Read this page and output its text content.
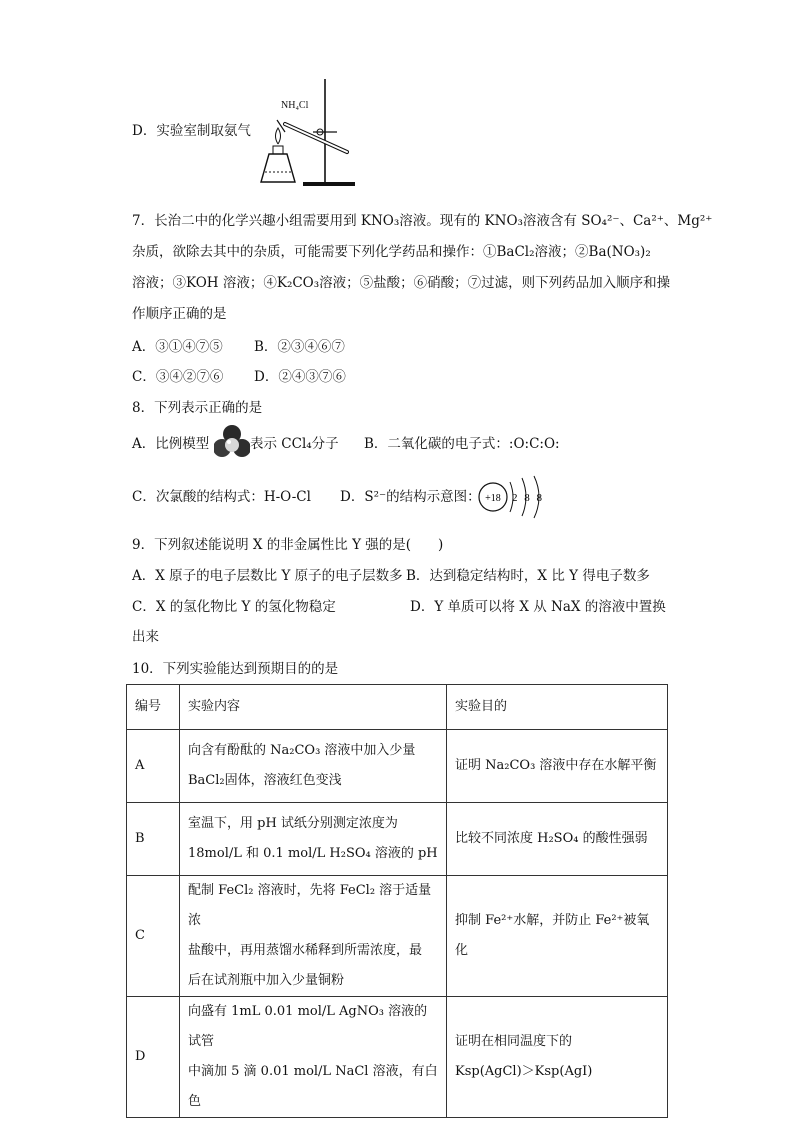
D．实验室制取氨气
NH₄Cl
7．长治二中的化学兴趣小组需要用到 KNO₃溶液。现有的 KNO₃溶液含有 SO₄²⁻、Ca²⁺、Mg²⁺
杂质，欲除去其中的杂质，可能需要下列化学药品和操作：①BaCl₂溶液；②Ba(NO₃)₂
溶液；③KOH 溶液；④K₂CO₃溶液；⑤盐酸；⑥硝酸；⑦过滤，则下列药品加入顺序和操
作顺序正确的是
A．③①④⑦⑤ B．②③④⑥⑦
C．③④②⑦⑥ D．②④③⑦⑥
8．下列表示正确的是
A．比例模型	表示 CCl₄分子 B．二氧化碳的电子式：:O:C:O:
C．次氯酸的结构式：H-O-Cl D．S²⁻的结构示意图： +18 2 8 8
9．下列叙述能说明 X 的非金属性比 Y 强的是(　　)
A．X 原子的电子层数比 Y 原子的电子层数多 B．达到稳定结构时，X 比 Y 得电子数多
C．X 的氢化物比 Y 的氢化物稳定	D．Y 单质可以将 X 从 NaX 的溶液中置换
出来
10．下列实验能达到预期目的的是
编号	实验内容	实验目的
A	向含有酚酞的 Na₂CO₃ 溶液中加入少量
BaCl₂固体，溶液红色变浅	证明 Na₂CO₃ 溶液中存在水解平衡

B	室温下，用 pH 试纸分别测定浓度为
18mol/L 和 0.1 mol/L H₂SO₄ 溶液的 pH	比较不同浓度 H₂SO₄ 的酸性强弱

C	配制 FeCl₂ 溶液时，先将 FeCl₂ 溶于适量浓
盐酸中，再用蒸馏水稀释到所需浓度，最
后在试剂瓶中加入少量铜粉	抑制 Fe²⁺水解，并防止 Fe²⁺被氧化

D	向盛有 1mL 0.01 mol/L AgNO₃ 溶液的试管
中滴加 5 滴 0.01 mol/L NaCl 溶液，有白色	证明在相同温度下的
Ksp(AgCl)＞Ksp(AgI)
